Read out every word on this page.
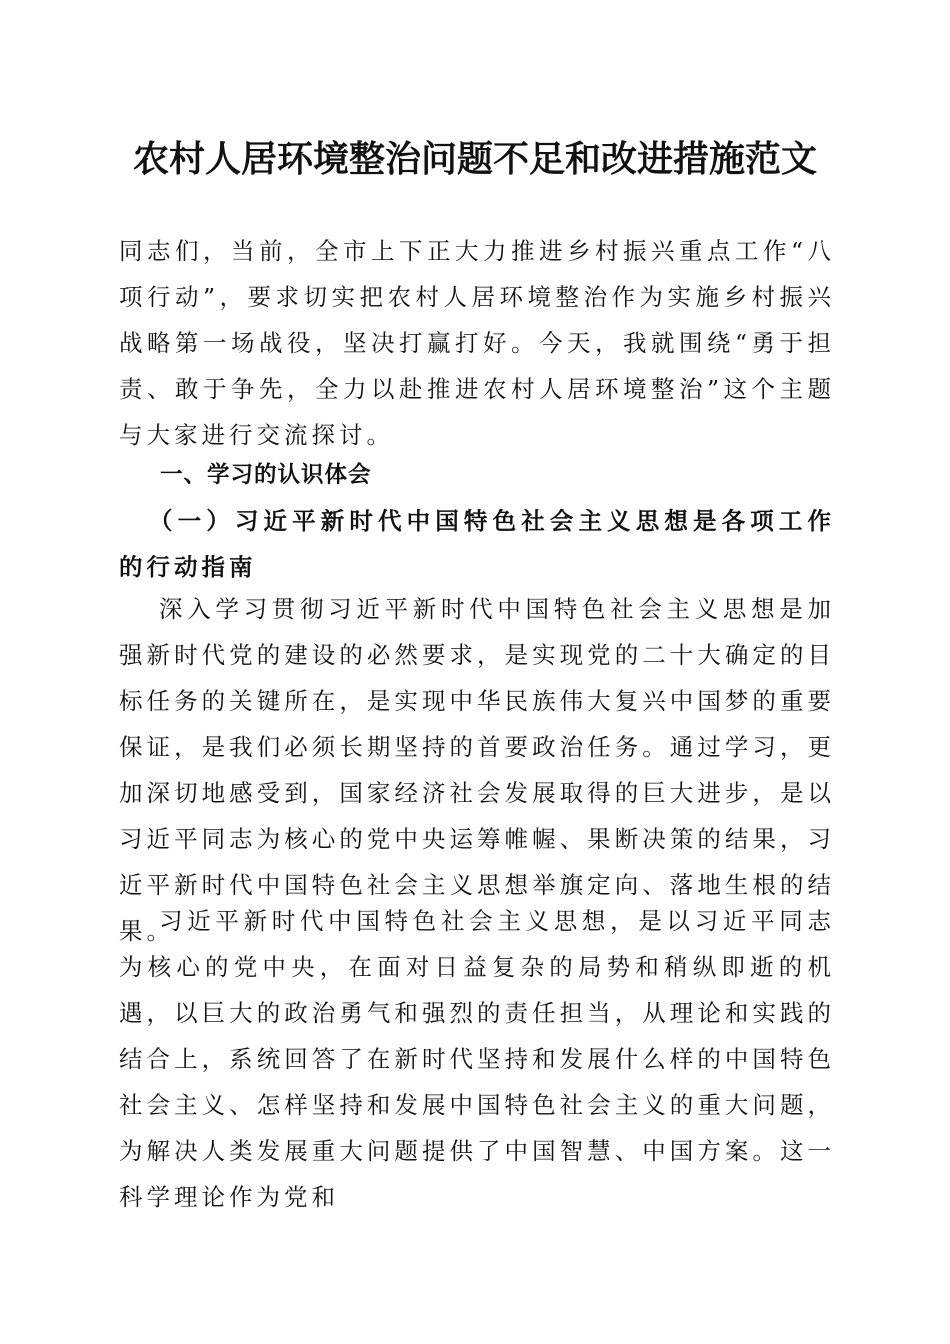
农村人居环境整治问题不足和改进措施范文

同志们，当前，全市上下正大力推进乡村振兴重点工作“八项行动”，要求切实把农村人居环境整治作为实施乡村振兴战略第一场战役，坚决打赢打好。今天，我就围绕“勇于担责、敢于争先，全力以赴推进农村人居环境整治”这个主题与大家进行交流探讨。

一、学习的认识体会
（一）习近平新时代中国特色社会主义思想是各项工作的行动指南

深入学习贯彻习近平新时代中国特色社会主义思想是加强新时代党的建设的必然要求，是实现党的二十大确定的目标任务的关键所在，是实现中华民族伟大复兴中国梦的重要保证，是我们必须长期坚持的首要政治任务。通过学习，更加深切地感受到，国家经济社会发展取得的巨大进步，是以习近平同志为核心的党中央运筹帷幄、果断决策的结果，习近平新时代中国特色社会主义思想举旗定向、落地生根的结果。

习近平新时代中国特色社会主义思想，是以习近平同志为核心的党中央，在面对日益复杂的局势和稍纵即逝的机遇，以巨大的政治勇气和强烈的责任担当，从理论和实践的结合上，系统回答了在新时代坚持和发展什么样的中国特色社会主义、怎样坚持和发展中国特色社会主义的重大问题，为解决人类发展重大问题提供了中国智慧、中国方案。这一科学理论作为党和
